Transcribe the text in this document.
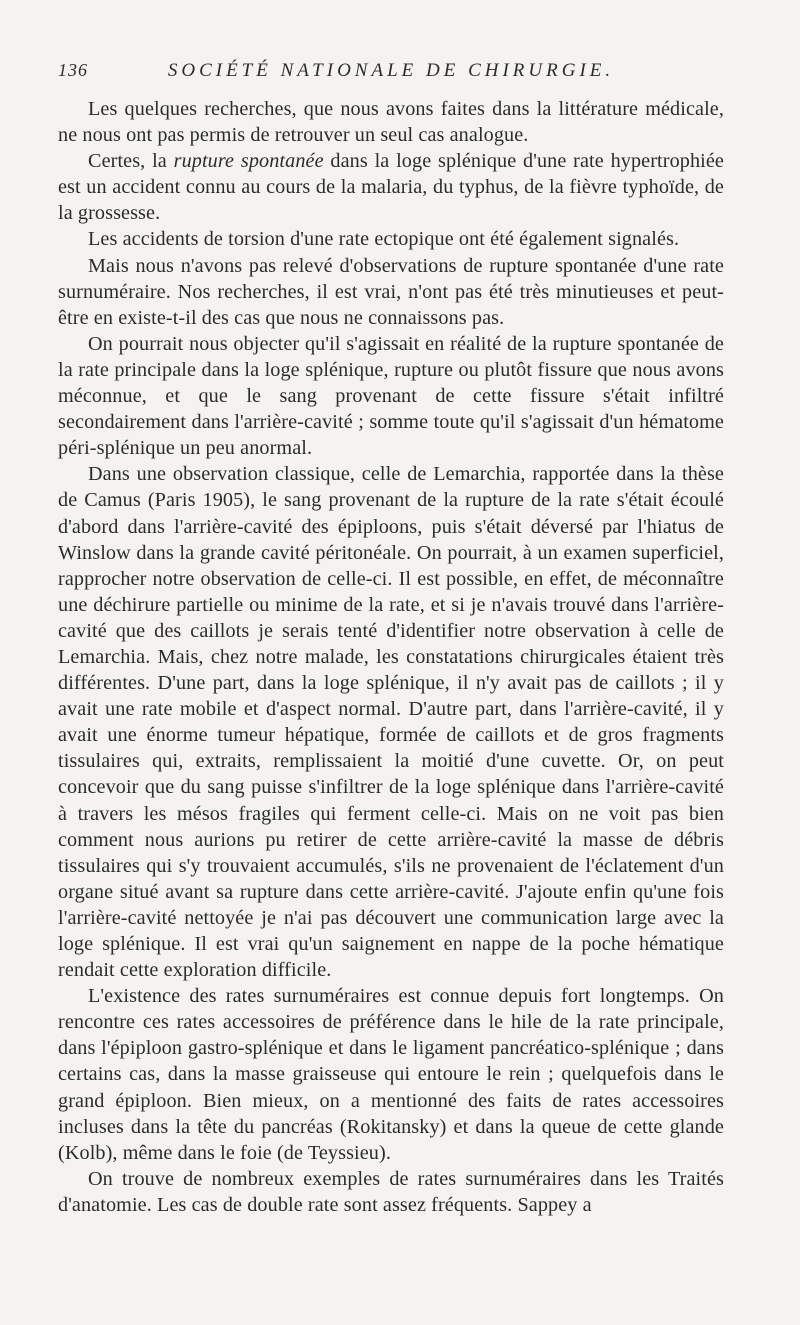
136	SOCIÉTÉ NATIONALE DE CHIRURGIE.

Les quelques recherches, que nous avons faites dans la littérature médicale, ne nous ont pas permis de retrouver un seul cas analogue.

Certes, la rupture spontanée dans la loge splénique d'une rate hypertrophiée est un accident connu au cours de la malaria, du typhus, de la fièvre typhoïde, de la grossesse.

Les accidents de torsion d'une rate ectopique ont été également signalés.

Mais nous n'avons pas relevé d'observations de rupture spontanée d'une rate surnuméraire. Nos recherches, il est vrai, n'ont pas été très minutieuses et peut-être en existe-t-il des cas que nous ne connaissons pas.

On pourrait nous objecter qu'il s'agissait en réalité de la rupture spontanée de la rate principale dans la loge splénique, rupture ou plutôt fissure que nous avons méconnue, et que le sang provenant de cette fissure s'était infiltré secondairement dans l'arrière-cavité ; somme toute qu'il s'agissait d'un hématome péri-splénique un peu anormal.

Dans une observation classique, celle de Lemarchia, rapportée dans la thèse de Camus (Paris 1905), le sang provenant de la rupture de la rate s'était écoulé d'abord dans l'arrière-cavité des épiploons, puis s'était déversé par l'hiatus de Winslow dans la grande cavité péritonéale. On pourrait, à un examen superficiel, rapprocher notre observation de celle-ci. Il est possible, en effet, de méconnaître une déchirure partielle ou minime de la rate, et si je n'avais trouvé dans l'arrière-cavité que des caillots je serais tenté d'identifier notre observation à celle de Lemarchia. Mais, chez notre malade, les constatations chirurgicales étaient très différentes. D'une part, dans la loge splénique, il n'y avait pas de caillots ; il y avait une rate mobile et d'aspect normal. D'autre part, dans l'arrière-cavité, il y avait une énorme tumeur hépatique, formée de caillots et de gros fragments tissulaires qui, extraits, remplissaient la moitié d'une cuvette. Or, on peut concevoir que du sang puisse s'infiltrer de la loge splénique dans l'arrière-cavité à travers les mésos fragiles qui ferment celle-ci. Mais on ne voit pas bien comment nous aurions pu retirer de cette arrière-cavité la masse de débris tissulaires qui s'y trouvaient accumulés, s'ils ne provenaient de l'éclatement d'un organe situé avant sa rupture dans cette arrière-cavité. J'ajoute enfin qu'une fois l'arrière-cavité nettoyée je n'ai pas découvert une communication large avec la loge splénique. Il est vrai qu'un saignement en nappe de la poche hématique rendait cette exploration difficile.

L'existence des rates surnuméraires est connue depuis fort longtemps. On rencontre ces rates accessoires de préférence dans le hile de la rate principale, dans l'épiploon gastro-splénique et dans le ligament pancréatico-splénique ; dans certains cas, dans la masse graisseuse qui entoure le rein ; quelquefois dans le grand épiploon. Bien mieux, on a mentionné des faits de rates accessoires incluses dans la tête du pancréas (Rokitansky) et dans la queue de cette glande (Kolb), même dans le foie (de Teyssieu).

On trouve de nombreux exemples de rates surnuméraires dans les Traités d'anatomie. Les cas de double rate sont assez fréquents. Sappey a
